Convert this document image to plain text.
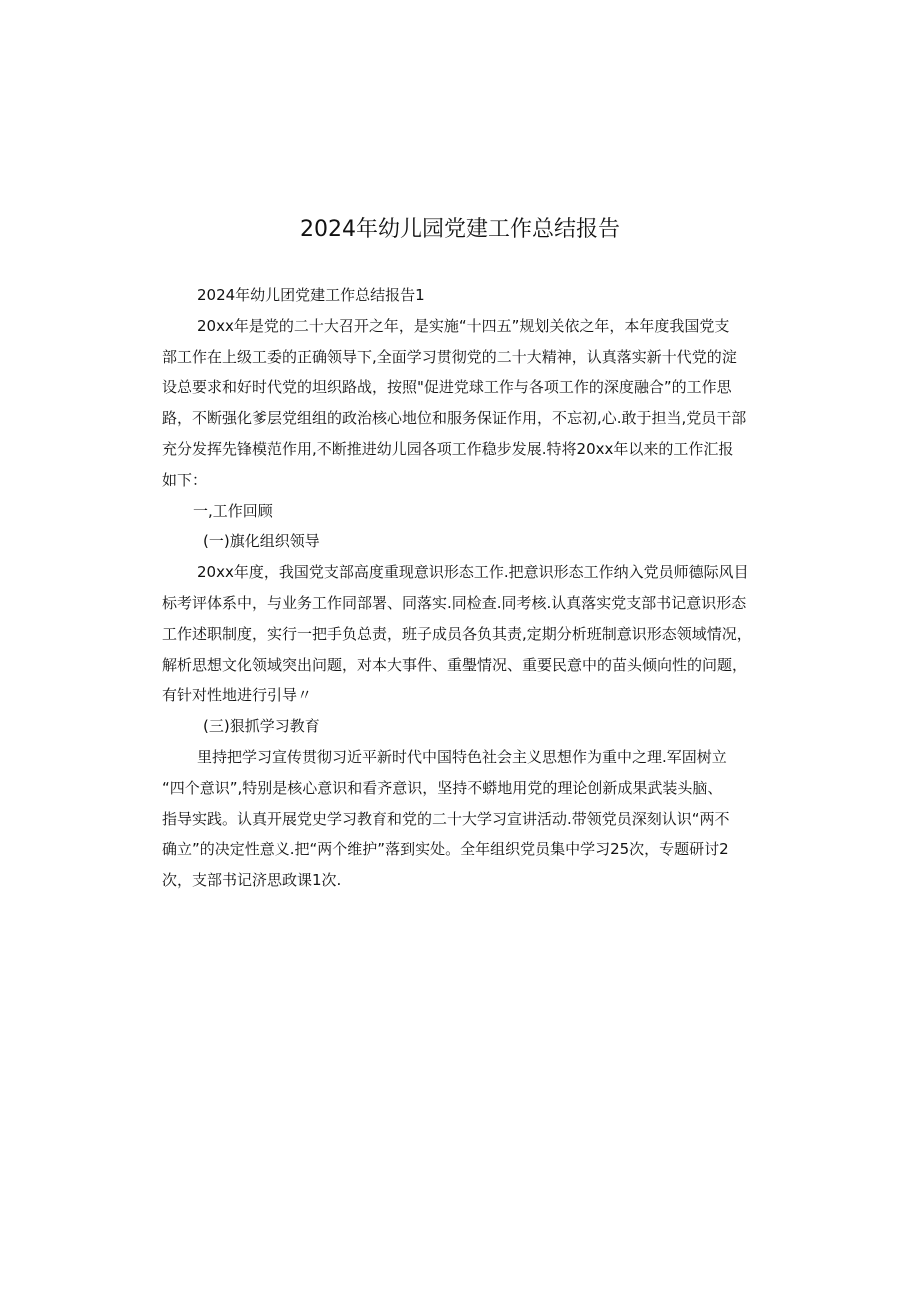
2024年幼儿园党建工作总结报告
2024年幼儿团党建工作总结报告1
20xx年是党的二十大召开之年，是实施“十四五”规划关依之年，本年度我国党支
部工作在上级工委的正确领导下,全面学习贯彻党的二十大精神，认真落实新十代党的淀
设总要求和好时代党的坦织路战，按照"促进党球工作与各项工作的深度融合”的工作思
路，不断强化爹层党组组的政治核心地位和服务保证作用，不忘初,心.敢于担当,党员干部
充分发挥先锋模范作用,不断推进幼儿园各项工作稳步发展.特将20xx年以来的工作汇报
如下：
一,工作回顾
(一)旗化组织领导
20xx年度，我国党支部高度重现意识形态工作.把意识形态工作纳入党员师德际风目
标考评体系中，与业务工作同部署、同落实.同检查.同考核.认真落实党支部书记意识形态
工作述职制度，实行一把手负总责，班子成员各负其责,定期分析班制意识形态领域情况，
解析思想文化领域突出问题，对本大事件、重璺情况、重要民意中的苗头倾向性的问题，
有针对性地进行引导〃
(三)狠抓学习教育
里持把学习宣传贯彻习近平新时代中国特色社会主义思想作为重中之理.军固树立
“四个意识”,特别是核心意识和看齐意识，坚持不蟒地用党的理论创新成果武装头脑、
指导实践。认真开展党史学习教育和党的二十大学习宣讲活动.带领党员深刻认识“两不
确立”的决定性意义.把“两个维护”落到实处。全年组织党员集中学习25次，专题研讨2
次，支部书记济思政课1次.
